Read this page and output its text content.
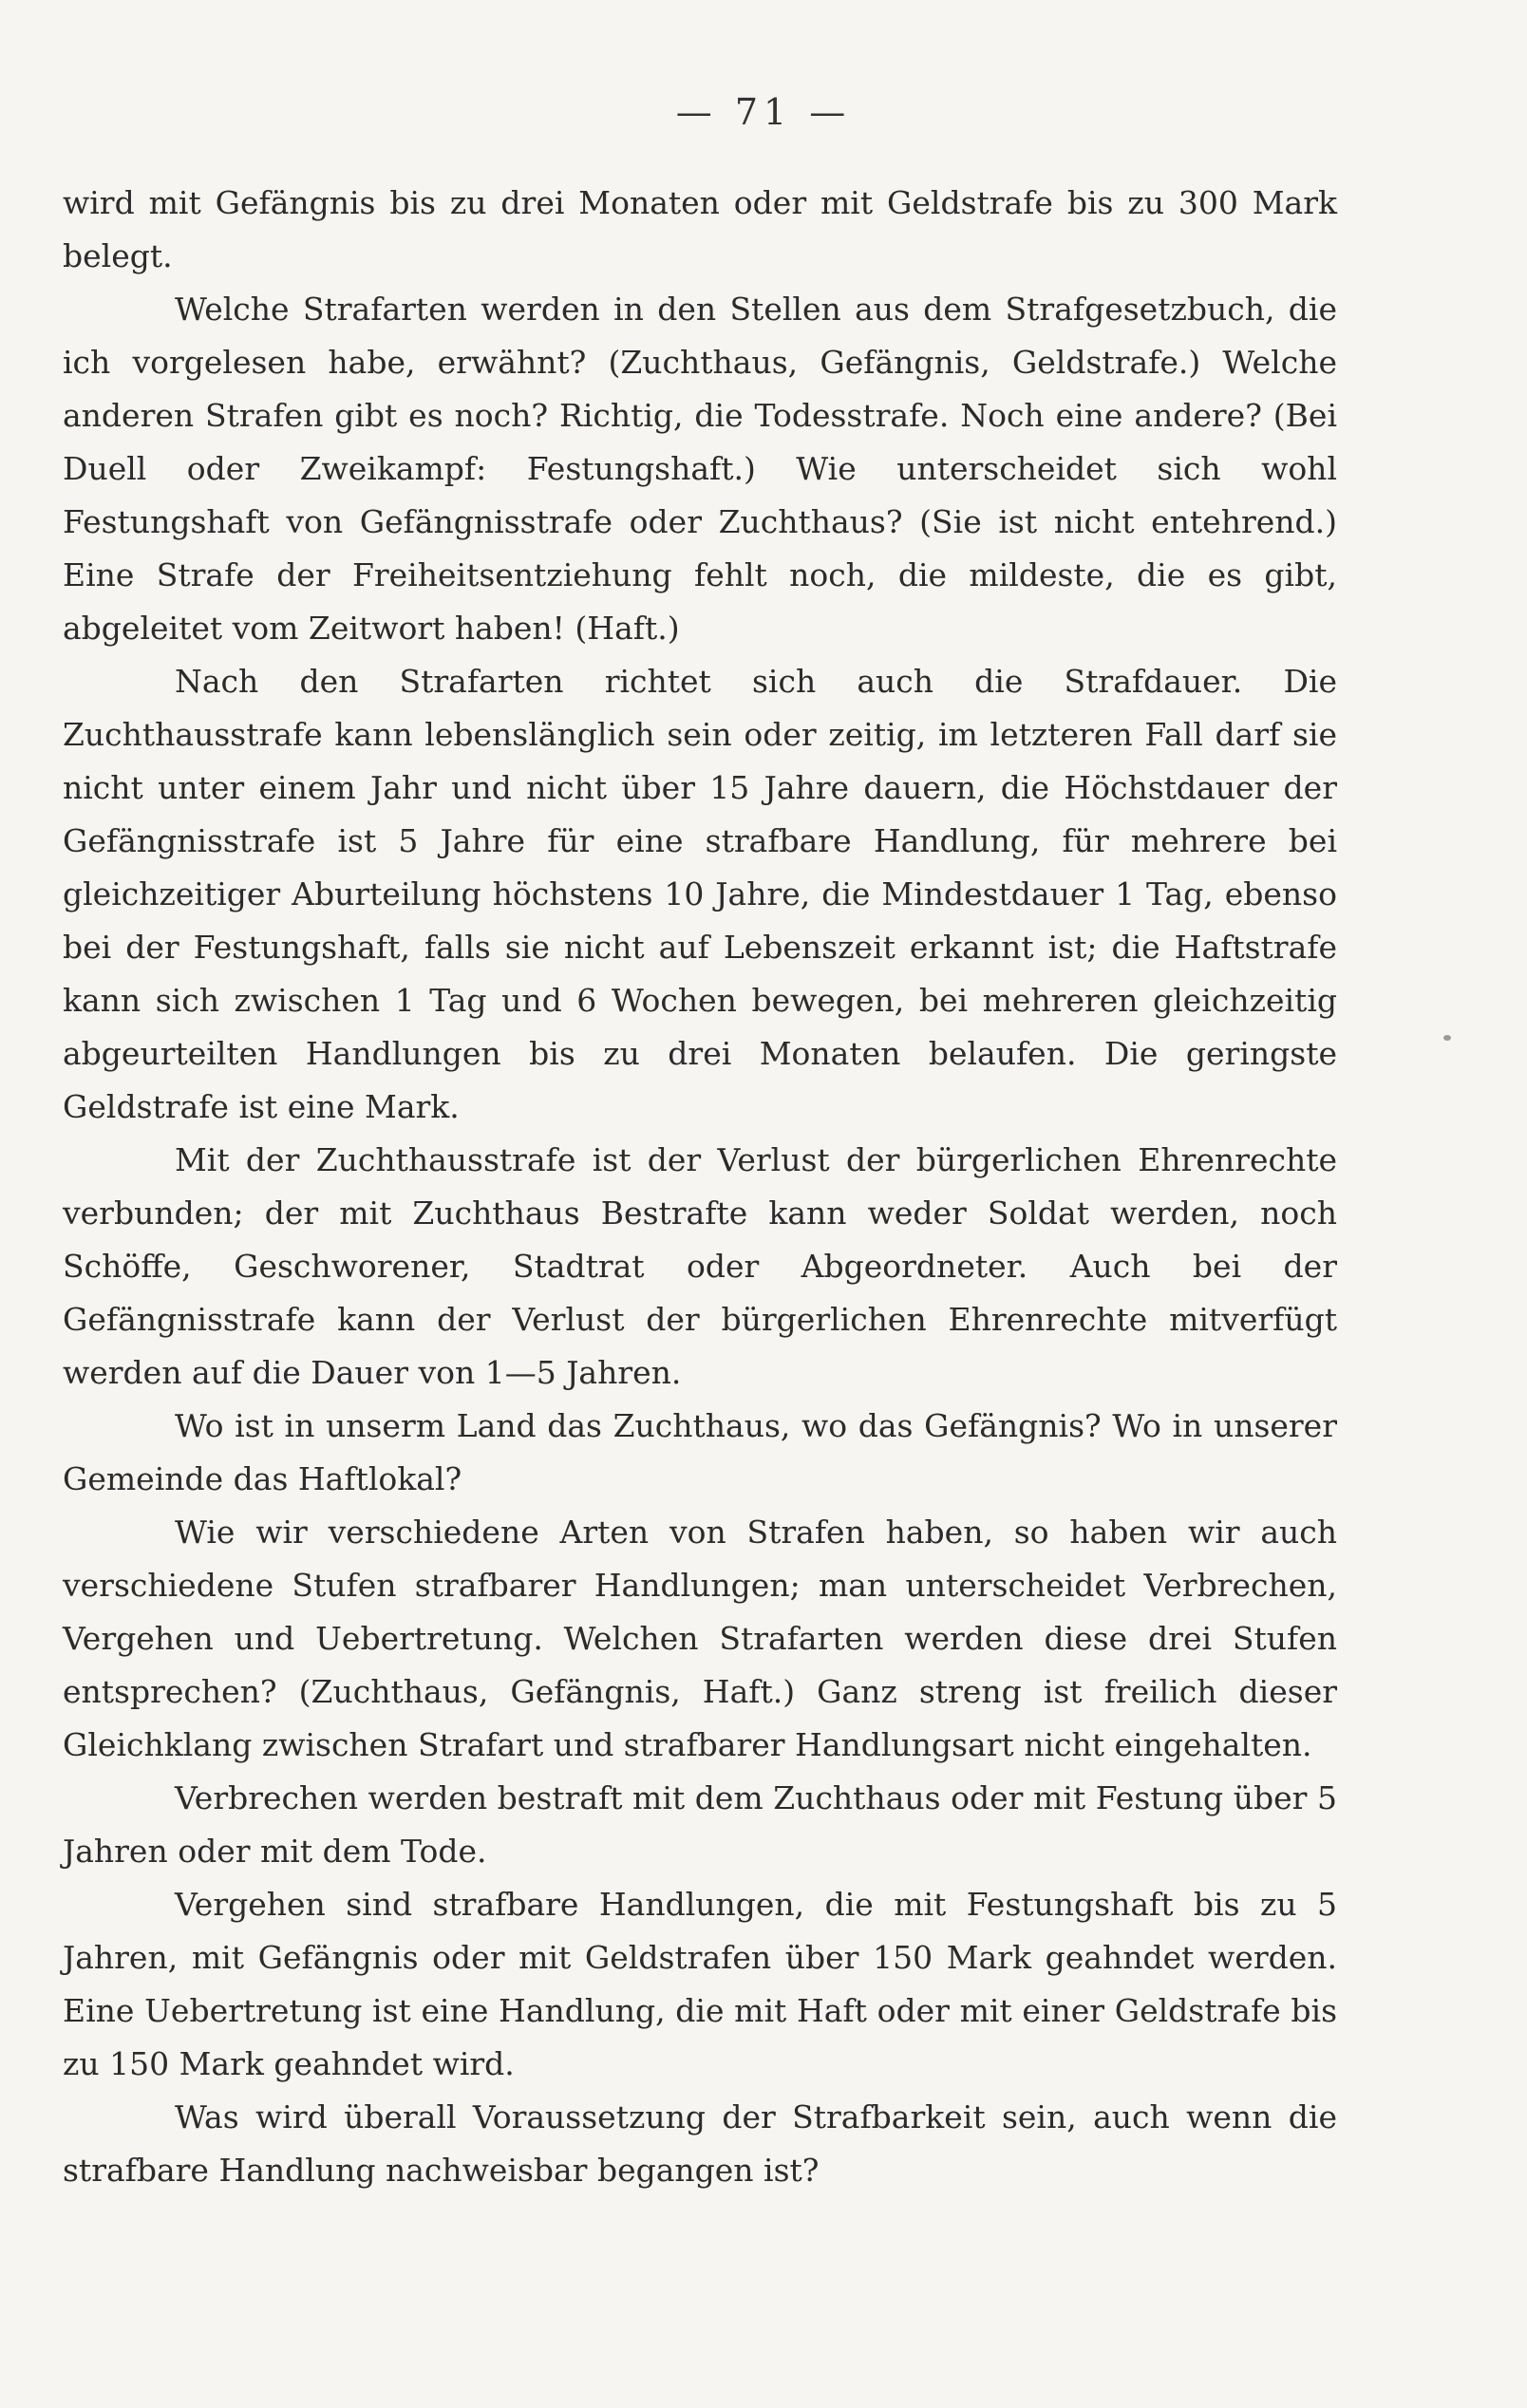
— 71 —

wird mit Gefängnis bis zu drei Monaten oder mit Geldstrafe bis zu 300 Mark belegt.

Welche Strafarten werden in den Stellen aus dem Strafgesetzbuch, die ich vorgelesen habe, erwähnt? (Zuchthaus, Gefängnis, Geldstrafe.) Welche anderen Strafen gibt es noch? Richtig, die Todesstrafe. Noch eine andere? (Bei Duell oder Zweikampf: Festungshaft.) Wie unterscheidet sich wohl Festungshaft von Gefängnisstrafe oder Zuchthaus? (Sie ist nicht entehrend.) Eine Strafe der Freiheitsentziehung fehlt noch, die mildeste, die es gibt, abgeleitet vom Zeitwort haben! (Haft.)

Nach den Strafarten richtet sich auch die Strafdauer. Die Zuchthausstrafe kann lebenslänglich sein oder zeitig, im letzteren Fall darf sie nicht unter einem Jahr und nicht über 15 Jahre dauern, die Höchstdauer der Gefängnisstrafe ist 5 Jahre für eine strafbare Handlung, für mehrere bei gleichzeitiger Aburteilung höchstens 10 Jahre, die Mindestdauer 1 Tag, ebenso bei der Festungshaft, falls sie nicht auf Lebenszeit erkannt ist; die Haftstrafe kann sich zwischen 1 Tag und 6 Wochen bewegen, bei mehreren gleichzeitig abgeurteilten Handlungen bis zu drei Monaten belaufen. Die geringste Geldstrafe ist eine Mark.

Mit der Zuchthausstrafe ist der Verlust der bürgerlichen Ehrenrechte verbunden; der mit Zuchthaus Bestrafte kann weder Soldat werden, noch Schöffe, Geschworener, Stadtrat oder Abgeordneter. Auch bei der Gefängnisstrafe kann der Verlust der bürgerlichen Ehrenrechte mitverfügt werden auf die Dauer von 1—5 Jahren.

Wo ist in unserm Land das Zuchthaus, wo das Gefängnis? Wo in unserer Gemeinde das Haftlokal?

Wie wir verschiedene Arten von Strafen haben, so haben wir auch verschiedene Stufen strafbarer Handlungen; man unterscheidet Verbrechen, Vergehen und Uebertretung. Welchen Strafarten werden diese drei Stufen entsprechen? (Zuchthaus, Gefängnis, Haft.) Ganz streng ist freilich dieser Gleichklang zwischen Strafart und strafbarer Handlungsart nicht eingehalten.

Verbrechen werden bestraft mit dem Zuchthaus oder mit Festung über 5 Jahren oder mit dem Tode.

Vergehen sind strafbare Handlungen, die mit Festungshaft bis zu 5 Jahren, mit Gefängnis oder mit Geldstrafen über 150 Mark geahndet werden. Eine Uebertretung ist eine Handlung, die mit Haft oder mit einer Geldstrafe bis zu 150 Mark geahndet wird.

Was wird überall Voraussetzung der Strafbarkeit sein, auch wenn die strafbare Handlung nachweisbar begangen ist?
